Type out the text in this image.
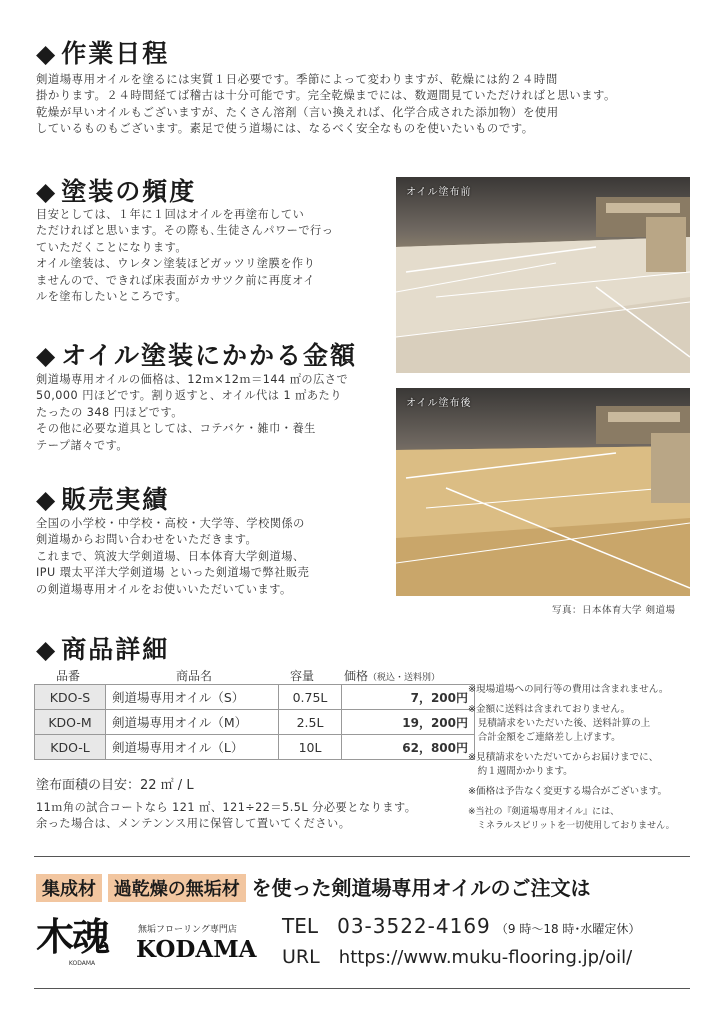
◆ 作業日程
剣道場専用オイルを塗るには実質１日必要です。季節によって変わりますが、乾燥には約２４時間
掛かります。２４時間経てば稽古は十分可能です。完全乾燥までには、数週間見ていただければと思います。
乾燥が早いオイルもございますが、たくさん溶剤（言い換えれば、化学合成された添加物）を使用
しているものもございます。素足で使う道場には、なるべく安全なものを使いたいものです。
◆ 塗装の頻度
目安としては、１年に１回はオイルを再塗布してい
ただければと思います。その際も､生徒さんパワーで行っ
ていただくことになります。
オイル塗装は、ウレタン塗装ほどガッツリ塗膜を作り
ませんので、できれば床表面がカサツク前に再度オイ
ルを塗布したいところです。
◆ オイル塗装にかかる金額
剣道場専用オイルの価格は、12ｍ×12ｍ＝144 ㎡の広さで
50,000 円ほどです。割り返すと、オイル代は 1 ㎡あたり
たったの 348 円ほどです。
その他に必要な道具としては、コテバケ・雑巾・養生
テープ諸々です。
◆ 販売実績
全国の小学校・中学校・高校・大学等、学校関係の
剣道場からお問い合わせをいただきます。
これまで、筑波大学剣道場、日本体育大学剣道場、
IPU 環太平洋大学剣道場 といった剣道場で弊社販売
の剣道場専用オイルをお使いいただいています。
オイル塗布前
オイル塗布後
写真：日本体育大学 剣道場
◆ 商品詳細
品番	商品名	容量 価格（税込・送料別）
KDO-S	剣道場専用オイル（S）	0.75L	7，200円
KDO-M	剣道場専用オイル（M）	2.5L	19，200円
KDO-L	剣道場専用オイル（L）	10L	62，800円
塗布面積の目安：22 ㎡ / L
11ｍ角の試合コートなら 121 ㎡、121÷22＝5.5L 分必要となります。
余った場合は、メンテンンス用に保管して置いてください。
※現場道場への同行等の費用は含まれません。
※金額に送料は含まれておりません。
　見積請求をいただいた後、送料計算の上
　合計金額をご連絡差し上げます。
※見積請求をいただいてからお届けまでに、
　約１週間かかります。
※価格は予告なく変更する場合がございます。
※当社の『剣道場専用オイル』には、
　ミネラルスピリットを一切使用しておりません。
集成材 過乾燥の無垢材 を使った剣道場専用オイルのご注文は
木魂
KODAMA
無垢フローリング専門店
KODAMA
TEL 03-3522-4169 （9 時～18 時･水曜定休）
URL https://www.muku-flooring.jp/oil/
